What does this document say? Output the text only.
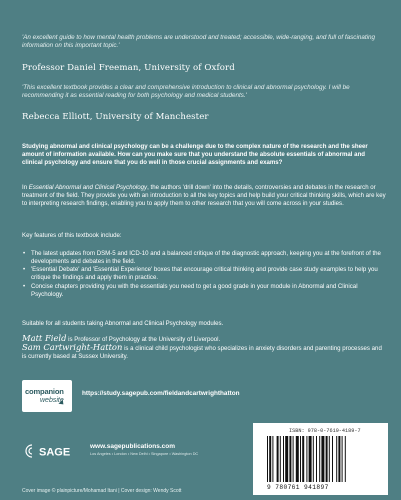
'An excellent guide to how mental health problems are understood and treated; accessible, wide-ranging, and full of fascinating information on this important topic.'
Professor Daniel Freeman, University of Oxford
'This excellent textbook provides a clear and comprehensive introduction to clinical and abnormal psychology. I will be recommending it as essential reading for both psychology and medical students.'
Rebecca Elliott, University of Manchester
Studying abnormal and clinical psychology can be a challenge due to the complex nature of the research and the sheer amount of information available. How can you make sure that you understand the absolute essentials of abnormal and clinical psychology and ensure that you do well in those crucial assignments and exams?
In Essential Abnormal and Clinical Psychology, the authors 'drill down' into the details, controversies and debates in the research or treatment of the field. They provide you with an introduction to all the key topics and help build your critical thinking skills, which are key to interpreting research findings, enabling you to apply them to other research that you will come across in your studies.
Key features of this textbook include:
• The latest updates from DSM-5 and ICD-10 and a balanced critique of the diagnostic approach, keeping you at the forefront of the developments and debates in the field.
• 'Essential Debate' and 'Essential Experience' boxes that encourage critical thinking and provide case study examples to help you critique the findings and apply them in practice.
• Concise chapters providing you with the essentials you need to get a good grade in your module in Abnormal and Clinical Psychology.
Suitable for all students taking Abnormal and Clinical Psychology modules.
Matt Field is Professor of Psychology at the University of Liverpool.
Sam Cartwright-Hatton is a clinical child psychologist who specializes in anxiety disorders and parenting processes and is currently based at Sussex University.
companion
website
https://study.sagepub.com/fieldandcartwrighthatton
SAGE	www.sagepublications.com
Los Angeles • London • New Delhi • Singapore • Washington DC
ISBN: 978-0-7619-4189-7
9 780761 941897
Cover image © plainpicture/Mohamad Itani | Cover design: Wendy Scott
